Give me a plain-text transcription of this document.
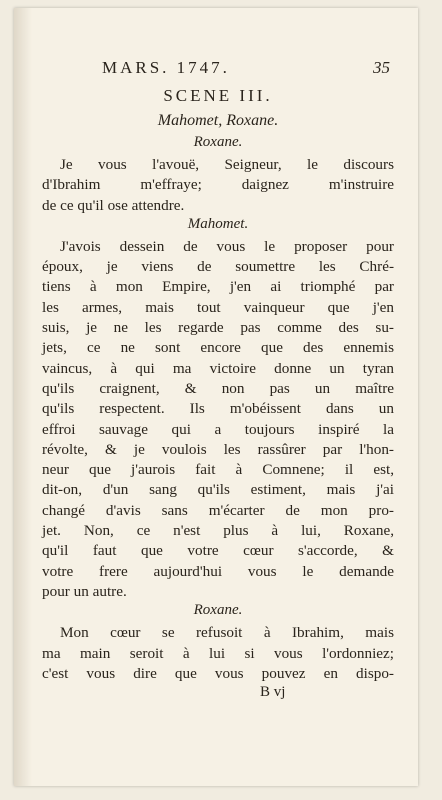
MARS. 1747.	35
SCENE III.
Mahomet, Roxane.
Roxane.
Je vous l'avouë, Seigneur, le discours
d'Ibrahim m'effraye; daignez m'instruire
de ce qu'il ose attendre.
Mahomet.
J'avois dessein de vous le proposer pour
époux, je viens de soumettre les Chré-
tiens à mon Empire, j'en ai triomphé par
les armes, mais tout vainqueur que j'en
suis, je ne les regarde pas comme des su-
jets, ce ne sont encore que des ennemis
vaincus, à qui ma victoire donne un tyran
qu'ils craignent, & non pas un maître
qu'ils respectent. Ils m'obéissent dans un
effroi sauvage qui a toujours inspiré la
révolte, & je voulois les rassûrer par l'hon-
neur que j'aurois fait à Comnene; il est,
dit-on, d'un sang qu'ils estiment, mais j'ai
changé d'avis sans m'écarter de mon pro-
jet. Non, ce n'est plus à lui, Roxane,
qu'il faut que votre cœur s'accorde, &
votre frere aujourd'hui vous le demande
pour un autre.
Roxane.
Mon cœur se refusoit à Ibrahim, mais
ma main seroit à lui si vous l'ordonniez;
c'est vous dire que vous pouvez en dispo-
B vj
